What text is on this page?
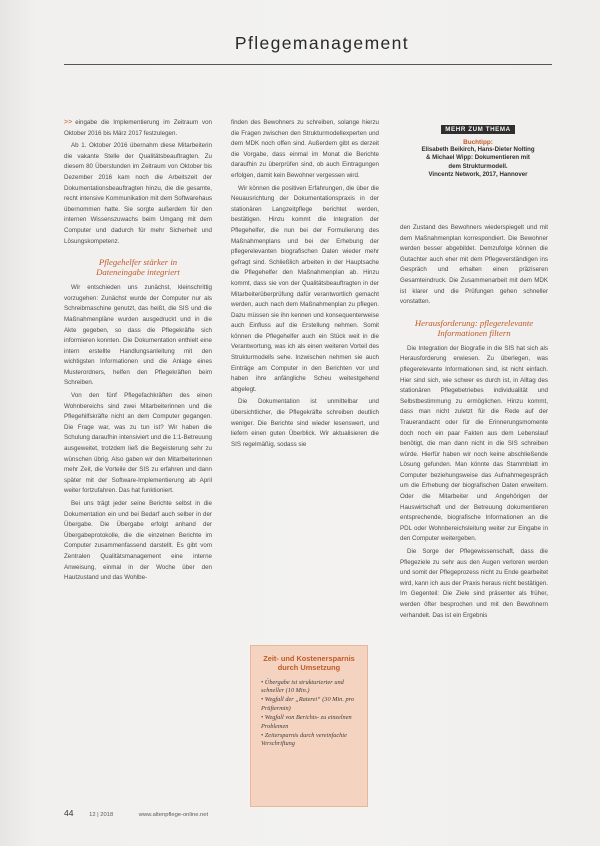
Pflegemanagement

>> eingabe die Implementierung im Zeitraum von Oktober 2016 bis März 2017 festzulegen.

Ab 1. Oktober 2016 übernahm diese Mitarbeiterin die vakante Stelle der Qualitätsbeauftragten. Zu diesem 80 Überstunden im Zeitraum von Oktober bis Dezember 2016 kam noch die Arbeitszeit der Dokumentationsbeauftragten hinzu, die die gesamte, recht intensive Kommunikation mit dem Softwarehaus übernommen hatte. Sie sorgte außerdem für den internen Wissenszuwachs beim Umgang mit dem Computer und dadurch für mehr Sicherheit und Lösungskompetenz.

Pflegehelfer stärker in
Dateneingabe integriert

Wir entschieden uns zunächst, kleinschrittig vorzugehen: Zunächst wurde der Computer nur als Schreibmaschine genutzt, das heißt, die SIS und die Maßnahmenpläne wurden ausgedruckt und in die Akte gegeben, so dass die Pflegekräfte sich informieren konnten. Die Dokumentation enthielt eine intern erstellte Handlungsanleitung mit den wichtigsten Informationen und die Anlage eines Musterordners, helfen den Pflegekräften beim Schreiben.

Von den fünf Pflegefachkräften des einen Wohnbereichs sind zwei Mitarbeiterinnen und die Pflegehilfskräfte nicht an dem Computer gegangen. Die Frage war, was zu tun ist? Wir haben die Schulung daraufhin intensiviert und die 1:1-Betreuung ausgeweitet, trotzdem ließ die Begeisterung sehr zu wünschen übrig. Also gaben wir den Mitarbeiterinnen mehr Zeit, die Vorteile der SIS zu erfahren und dann später mit der Software-Implementierung ab April weiter fortzufahren. Das hat funktioniert.

Bei uns trägt jeder seine Berichte selbst in die Dokumentation ein und bei Bedarf auch selber in der Übergabe. Die Übergabe erfolgt anhand der Übergabeprotokolle, die die einzelnen Berichte im Computer zusammenfassend darstellt. Es gibt vom Zentralen Qualitätsmanagement eine interne Anweisung, einmal in der Woche über den Hautzustand und das Wohlbe-

finden des Bewohners zu schreiben, solange hierzu die Fragen zwischen den Strukturmodellexperten und dem MDK noch offen sind. Außerdem gibt es derzeit die Vorgabe, dass einmal im Monat die Berichte daraufhin zu überprüfen sind, ob auch Eintragungen erfolgen, damit kein Bewohner vergessen wird.

Wir können die positiven Erfahrungen, die über die Neuausrichtung der Dokumentationspraxis in der stationären Langzeitpflege berichtet werden, bestätigen. Hinzu kommt die Integration der Pflegehelfer, die nun bei der Formulierung des Maßnahmenplans und bei der Erhebung der pflegerelevanten biografischen Daten wieder mehr gefragt sind. Schließlich arbeiten in der Hauptsache die Pflegehelfer den Maßnahmenplan ab. Hinzu kommt, dass sie von der Qualitätsbeauftragten in der Mitarbeiterüberprüfung dafür verantwortlich gemacht werden, auch nach dem Maßnahmenplan zu pflegen. Dazu müssen sie ihn kennen und konsequenterweise auch Einfluss auf die Erstellung nehmen. Somit können die Pflegehelfer auch ein Stück weit in die Verantwortung, was ich als einen weiteren Vorteil des Strukturmodells sehe. Inzwischen nehmen sie auch Einträge am Computer in den Berichten vor und haben ihre anfängliche Scheu weitestgehend abgelegt.

Die Dokumentation ist unmittelbar und übersichtlicher, die Pflegekräfte schreiben deutlich weniger. Die Berichte sind wieder lesenswert, und liefern einen guten Überblick. Wir aktualisieren die SIS regelmäßig, sodass sie

MEHR ZUM THEMA
Buchtipp:
Elisabeth Beikirch, Hans-Dieter Nolting
& Michael Wipp: Dokumentieren mit
dem Strukturmodell.
Vincentz Network, 2017, Hannover

den Zustand des Bewohners wiederspiegelt und mit dem Maßnahmenplan korrespondiert. Die Bewohner werden besser abgebildet. Demzufolge können die Gutachter auch eher mit dem Pflegeverständigen ins Gespräch und erhalten einen präziseren Gesamteindruck. Die Zusammenarbeit mit dem MDK ist klarer und die Prüfungen gehen schneller vonstatten.

Herausforderung: pflegerelevante
Informationen filtern

Die Integration der Biografie in die SIS hat sich als Herausforderung erwiesen. Zu überlegen, was pflegerelevante Informationen sind, ist nicht einfach. Hier sind sich, wie schwer es durch ist, in Alltag des stationären Pflegebetriebes individualität und Selbstbestimmung zu ermöglichen. Hinzu kommt, dass man nicht zuletzt für die Rede auf der Trauerandacht oder für die Erinnerungsmomente doch noch ein paar Fakten aus dem Lebenslauf benötigt, die man dann nicht in die SIS schreiben würde. Hierfür haben wir noch keine abschließende Lösung gefunden. Man könnte das Stammblatt im Computer beziehungsweise das Aufnahmegespräch um die Erhebung der biografischen Daten erweitern. Oder die Mitarbeiter und Angehörigen der Hauswirtschaft und der Betreuung dokumentieren entsprechende, biografische Informationen an die PDL oder Wohnbereichsleitung weiter zur Eingabe in den Computer weitergeben.

Die Sorge der Pflegewissenschaft, dass die Pflegeziele zu sehr aus den Augen verloren werden und somit der Pflegeprozess nicht zu Ende gearbeitet wird, kann ich aus der Praxis heraus nicht bestätigen. Im Gegenteil: Die Ziele sind präsenter als früher, werden öfter besprochen und mit den Bewohnern verhandelt. Das ist ein Ergebnis

Zeit- und Kostenersparnis durch Umsetzung
• Übergabe ist strukturierter und schneller (10 Min.)
• Wegfall der „Raterei“ (30 Min. pro Prüftermin)
• Wegfall von Berichts- zu einzelnen Problemen
• Zeitersparnis durch vereinfachte Verschriftung
44	12 | 2018	www.altenpflege-online.net
